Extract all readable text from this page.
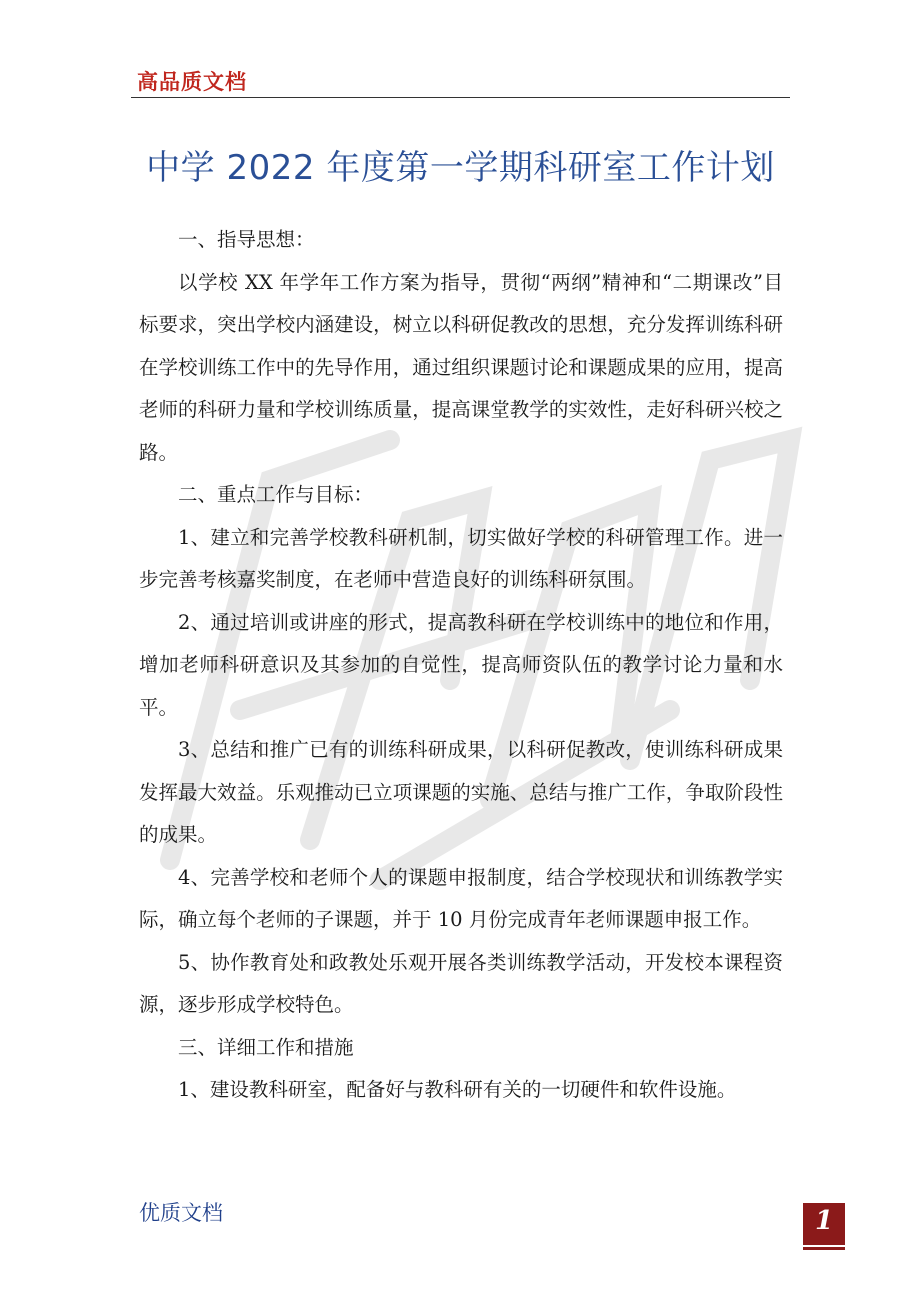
高品质文档
中学 2022 年度第一学期科研室工作计划

一、指导思想：

以学校 XX 年学年工作方案为指导，贯彻“两纲”精神和“二期课改”目标要求，突出学校内涵建设，树立以科研促教改的思想，充分发挥训练科研在学校训练工作中的先导作用，通过组织课题讨论和课题成果的应用，提高老师的科研力量和学校训练质量，提高课堂教学的实效性，走好科研兴校之路。

二、重点工作与目标：

1、建立和完善学校教科研机制，切实做好学校的科研管理工作。进一步完善考核嘉奖制度，在老师中营造良好的训练科研氛围。

2、通过培训或讲座的形式，提高教科研在学校训练中的地位和作用，增加老师科研意识及其参加的自觉性，提高师资队伍的教学讨论力量和水平。

3、总结和推广已有的训练科研成果，以科研促教改，使训练科研成果发挥最大效益。乐观推动已立项课题的实施、总结与推广工作，争取阶段性的成果。

4、完善学校和老师个人的课题申报制度，结合学校现状和训练教学实际，确立每个老师的子课题，并于 10 月份完成青年老师课题申报工作。

5、协作教育处和政教处乐观开展各类训练教学活动，开发校本课程资源，逐步形成学校特色。

三、详细工作和措施

1、建设教科研室，配备好与教科研有关的一切硬件和软件设施。

优质文档	1
